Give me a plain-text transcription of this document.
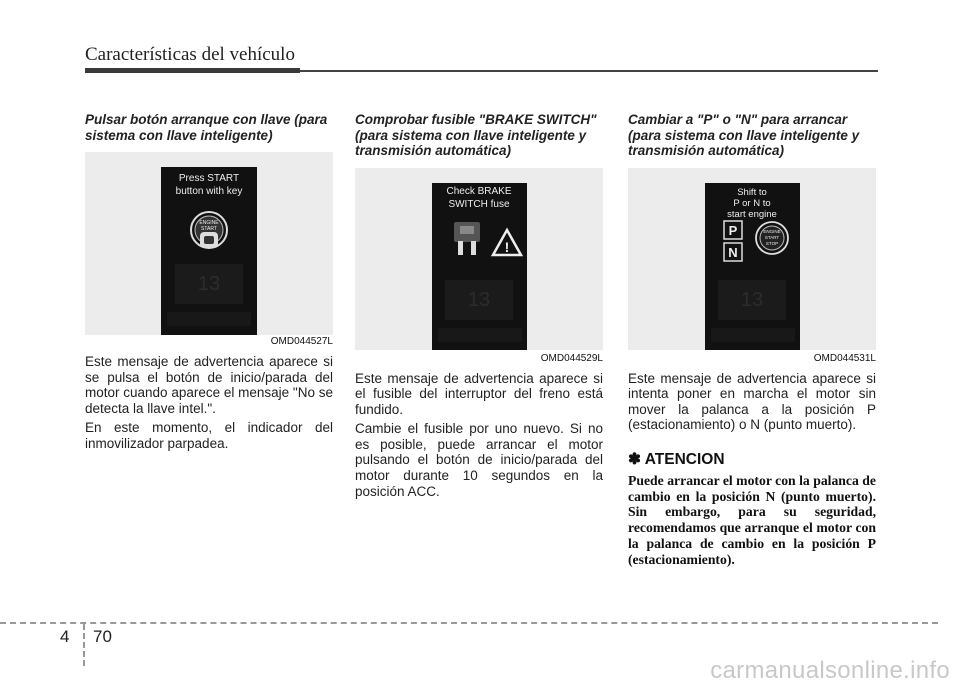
Características del vehículo
Pulsar botón arranque con llave (para sistema con llave inteligente)
Press START
button with key
ENGINE
START
13
OMD044527L

Este mensaje de advertencia aparece si se pulsa el botón de inicio/parada del motor cuando aparece el mensaje "No se detecta la llave intel.".

En este momento, el indicador del inmovilizador parpadea.

Comprobar fusible "BRAKE SWITCH" (para sistema con llave inteligente y transmisión automática)
Check BRAKE
SWITCH fuse
!
13
OMD044529L

Este mensaje de advertencia aparece si el fusible del interruptor del freno está fundido.

Cambie el fusible por uno nuevo. Si no es posible, puede arrancar el motor pulsando el botón de inicio/parada del motor durante 10 segundos en la posición ACC.

Cambiar a "P" o "N" para arrancar (para sistema con llave inteligente y transmisión automática)
Shift to
P or N to
start engine
P
N
ENGINE
START
STOP
13
OMD044531L

Este mensaje de advertencia aparece si intenta poner en marcha el motor sin mover la palanca a la posición P (estacionamiento) o N (punto muerto).

✽ ATENCION

Puede arrancar el motor con la palanca de cambio en la posición N (punto muerto). Sin embargo, para su seguridad, recomendamos que arranque el motor con la palanca de cambio en la posición P (estacionamiento).

4 70
carmanualsonline.info
